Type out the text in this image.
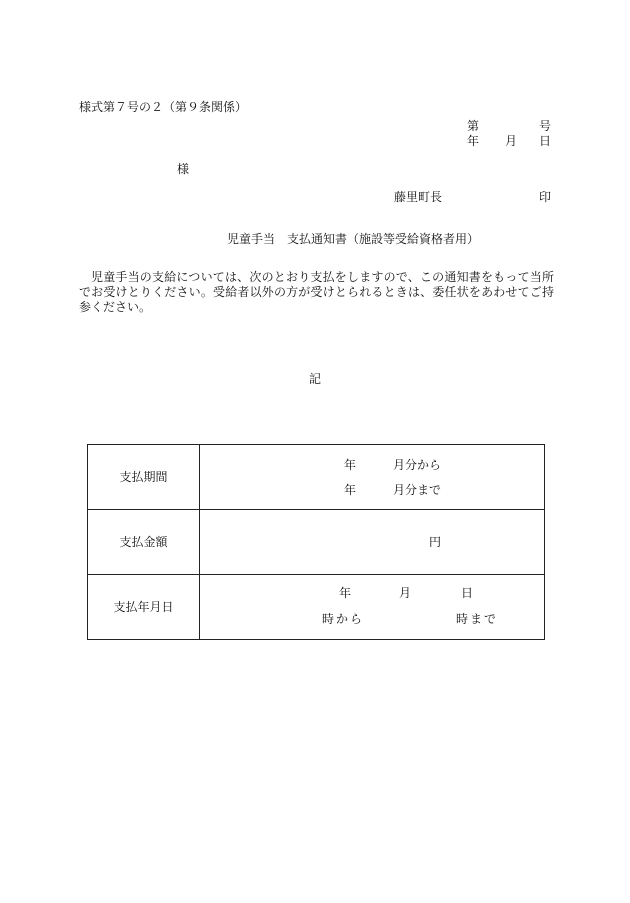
様式第７号の２（第９条関係）
第	号
年 月 日
様
藤里町長	印
児童手当　支払通知書（施設等受給資格者用）
児童手当の支給については、次のとおり支払をしますので、この通知書をもって当所でお受けとりください。受給者以外の方が受けとられるときは、委任状をあわせてご持参ください。
記
支払期間	年 月分から
年 月分まで

支払金額	円

支払年月日	年 月 日
時から 時まで
